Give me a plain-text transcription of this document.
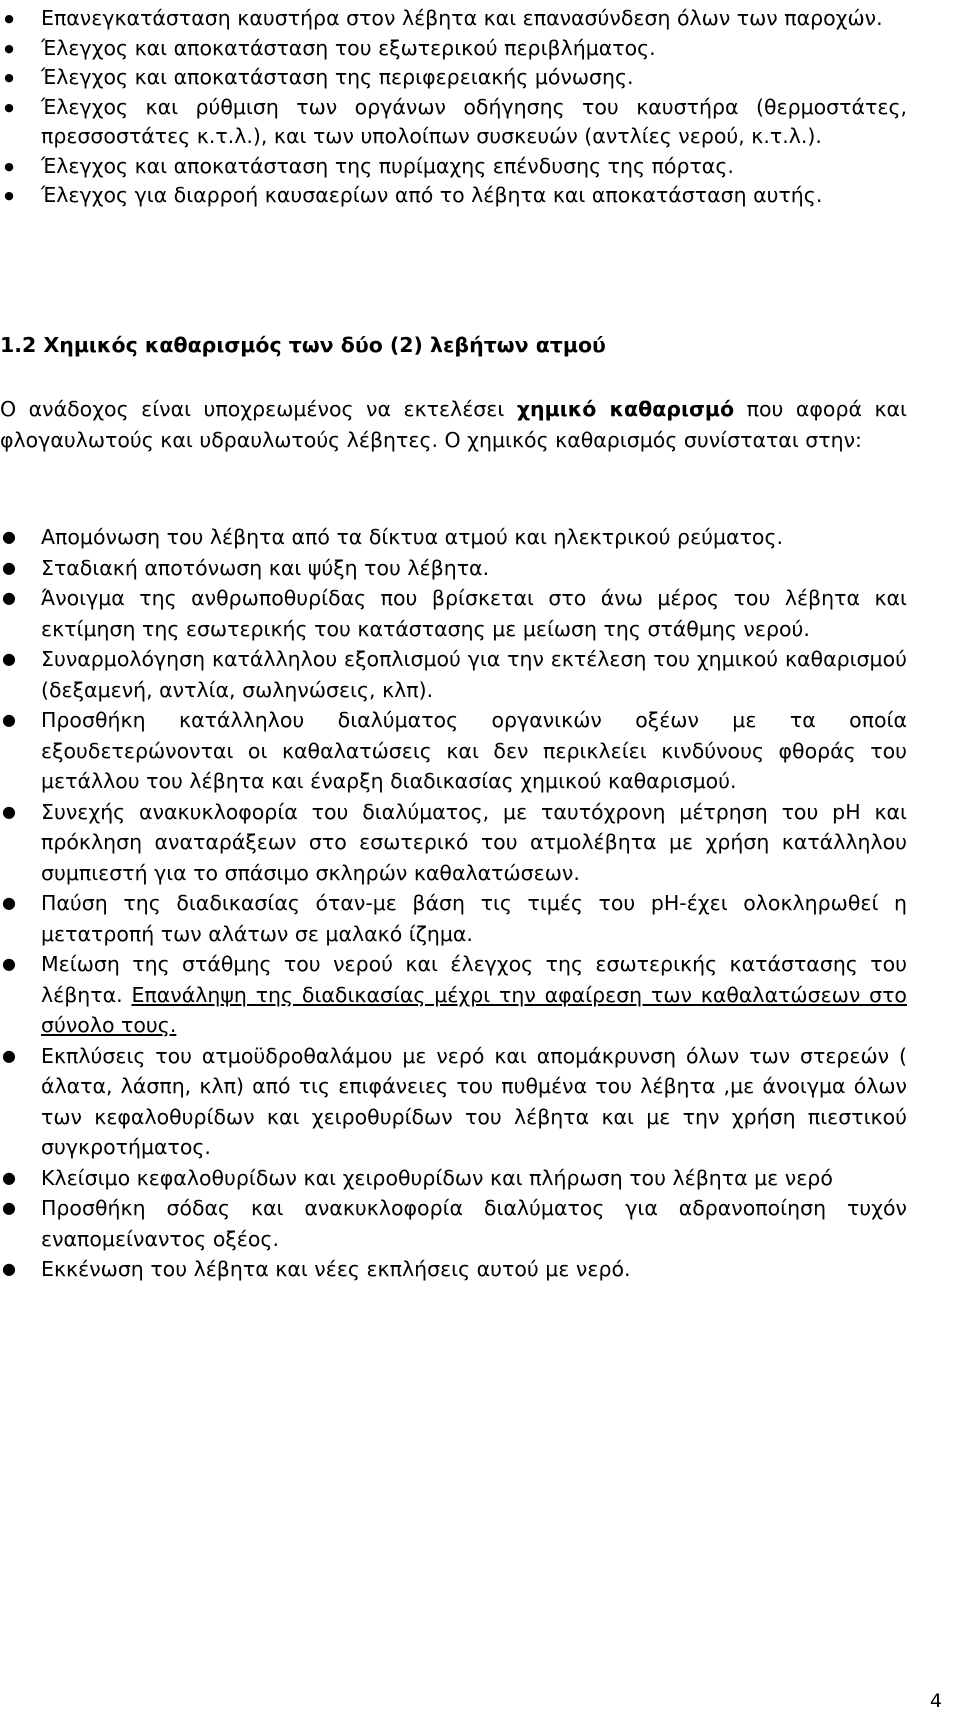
● Επανεγκατάσταση καυστήρα στον λέβητα και επανασύνδεση όλων των παροχών.
● Έλεγχος και αποκατάσταση του εξωτερικού περιβλήματος.
● Έλεγχος και αποκατάσταση της περιφερειακής μόνωσης.
● Έλεγχος και ρύθμιση των οργάνων οδήγησης του καυστήρα (θερμοστάτες, πρεσσοστάτες κ.τ.λ.), και των υπολοίπων συσκευών (αντλίες νερού, κ.τ.λ.).
● Έλεγχος και αποκατάσταση της πυρίμαχης επένδυσης της πόρτας.
● Έλεγχος για διαρροή καυσαερίων από το λέβητα και αποκατάσταση αυτής.
1.2 Χημικός καθαρισμός των δύο (2) λεβήτων ατμού

Ο ανάδοχος είναι υποχρεωμένος να εκτελέσει χημικό καθαρισμό που αφορά και φλογαυλωτούς και υδραυλωτούς λέβητες. Ο χημικός καθαρισμός συνίσταται στην:

● Απομόνωση του λέβητα από τα δίκτυα ατμού και ηλεκτρικού ρεύματος.
● Σταδιακή αποτόνωση και ψύξη του λέβητα.
● Άνοιγμα της ανθρωποθυρίδας που βρίσκεται στο άνω μέρος του λέβητα και εκτίμηση της εσωτερικής του κατάστασης με μείωση της στάθμης νερού.
● Συναρμολόγηση κατάλληλου εξοπλισμού για την εκτέλεση του χημικού καθαρισμού (δεξαμενή, αντλία, σωληνώσεις, κλπ).
● Προσθήκη κατάλληλου διαλύματος οργανικών οξέων με τα οποία εξουδετερώνονται οι καθαλατώσεις και δεν περικλείει κινδύνους φθοράς του μετάλλου του λέβητα και έναρξη διαδικασίας χημικού καθαρισμού.
● Συνεχής ανακυκλοφορία του διαλύματος, με ταυτόχρονη μέτρηση του pH και πρόκληση αναταράξεων στο εσωτερικό του ατμολέβητα με χρήση κατάλληλου συμπιεστή για το σπάσιμο σκληρών καθαλατώσεων.
● Παύση της διαδικασίας όταν-με βάση τις τιμές του pH-έχει ολοκληρωθεί η μετατροπή των αλάτων σε μαλακό ίζημα.
● Μείωση της στάθμης του νερού και έλεγχος της εσωτερικής κατάστασης του λέβητα. Επανάληψη της διαδικασίας μέχρι την αφαίρεση των καθαλατώσεων στο σύνολο τους.
● Εκπλύσεις του ατμοϋδροθαλάμου με νερό και απομάκρυνση όλων των στερεών ( άλατα, λάσπη, κλπ) από τις επιφάνειες του πυθμένα του λέβητα ,με άνοιγμα όλων των κεφαλοθυρίδων και χειροθυρίδων του λέβητα και με την χρήση πιεστικού συγκροτήματος.
● Κλείσιμο κεφαλοθυρίδων και χειροθυρίδων και πλήρωση του λέβητα με νερό
● Προσθήκη σόδας και ανακυκλοφορία διαλύματος για αδρανοποίηση τυχόν εναπομείναντος οξέος.
● Εκκένωση του λέβητα και νέες εκπλήσεις αυτού με νερό.
4
